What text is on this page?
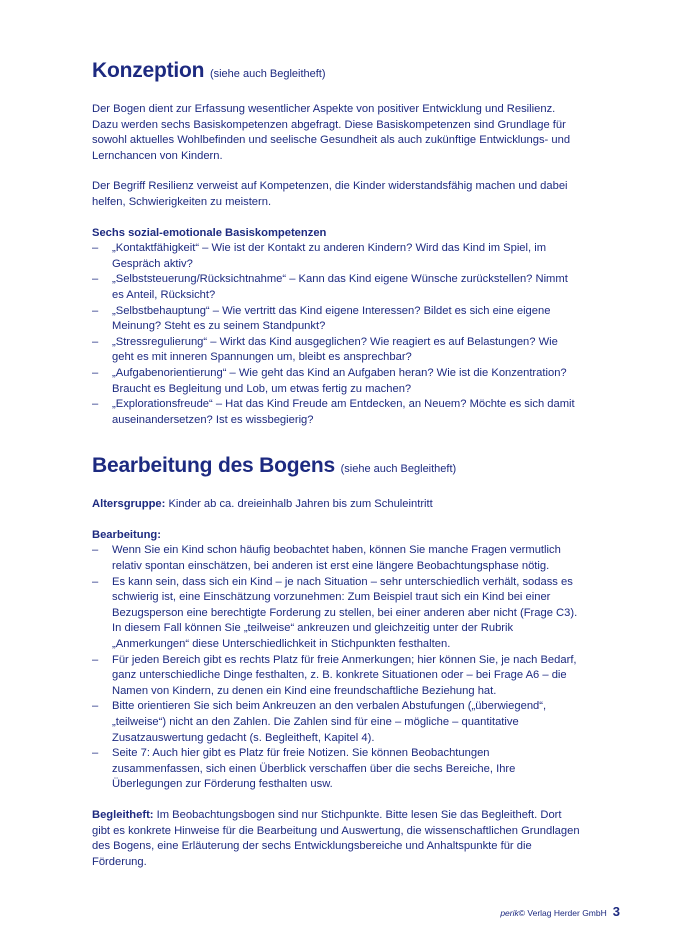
Konzeption (siehe auch Begleitheft)

Der Bogen dient zur Erfassung wesentlicher Aspekte von positiver Entwicklung und Resilienz. Dazu werden sechs Basiskompetenzen abgefragt. Diese Basiskompetenzen sind Grundlage für sowohl aktuelles Wohlbefinden und seelische Gesundheit als auch zukünftige Entwicklungs- und Lernchancen von Kindern.

Der Begriff Resilienz verweist auf Kompetenzen, die Kinder widerstandsfähig machen und dabei helfen, Schwierigkeiten zu meistern.

Sechs sozial-emotionale Basiskompetenzen

– „Kontaktfähigkeit“ – Wie ist der Kontakt zu anderen Kindern? Wird das Kind im Spiel, im Gespräch aktiv?
– „Selbststeuerung/Rücksichtnahme“ – Kann das Kind eigene Wünsche zurückstellen? Nimmt es Anteil, Rücksicht?
– „Selbstbehauptung“ – Wie vertritt das Kind eigene Interessen? Bildet es sich eine eigene Meinung? Steht es zu seinem Standpunkt?
– „Stressregulierung“ – Wirkt das Kind ausgeglichen? Wie reagiert es auf Belastungen? Wie geht es mit inneren Spannungen um, bleibt es ansprechbar?
– „Aufgabenorientierung“ – Wie geht das Kind an Aufgaben heran? Wie ist die Konzentration? Braucht es Begleitung und Lob, um etwas fertig zu machen?
– „Explorationsfreude“ – Hat das Kind Freude am Entdecken, an Neuem? Möchte es sich damit auseinandersetzen? Ist es wissbegierig?
Bearbeitung des Bogens (siehe auch Begleitheft)

Altersgruppe: Kinder ab ca. dreieinhalb Jahren bis zum Schuleintritt

Bearbeitung:

– Wenn Sie ein Kind schon häufig beobachtet haben, können Sie manche Fragen vermutlich relativ spontan einschätzen, bei anderen ist erst eine längere Beobachtungsphase nötig.
– Es kann sein, dass sich ein Kind – je nach Situation – sehr unterschiedlich verhält, sodass es schwierig ist, eine Einschätzung vorzunehmen: Zum Beispiel traut sich ein Kind bei einer Bezugsperson eine berechtigte Forderung zu stellen, bei einer anderen aber nicht (Frage C3). In diesem Fall können Sie „teilweise“ ankreuzen und gleichzeitig unter der Rubrik „Anmerkungen“ diese Unterschiedlichkeit in Stichpunkten festhalten.
– Für jeden Bereich gibt es rechts Platz für freie Anmerkungen; hier können Sie, je nach Bedarf, ganz unterschiedliche Dinge festhalten, z. B. konkrete Situationen oder – bei Frage A6 – die Namen von Kindern, zu denen ein Kind eine freundschaftliche Beziehung hat.
– Bitte orientieren Sie sich beim Ankreuzen an den verbalen Abstufungen („überwiegend“, „teilweise“) nicht an den Zahlen. Die Zahlen sind für eine – mögliche – quantitative Zusatzauswertung gedacht (s. Begleitheft, Kapitel 4).
– Seite 7: Auch hier gibt es Platz für freie Notizen. Sie können Beobachtungen zusammenfassen, sich einen Überblick verschaffen über die sechs Bereiche, Ihre Überlegungen zur Förderung festhalten usw.

Begleitheft: Im Beobachtungsbogen sind nur Stichpunkte. Bitte lesen Sie das Begleitheft. Dort gibt es konkrete Hinweise für die Bearbeitung und Auswertung, die wissenschaftlichen Grundlagen des Bogens, eine Erläuterung der sechs Entwicklungsbereiche und Anhaltspunkte für die Förderung.

perik© Verlag Herder GmbH 3
